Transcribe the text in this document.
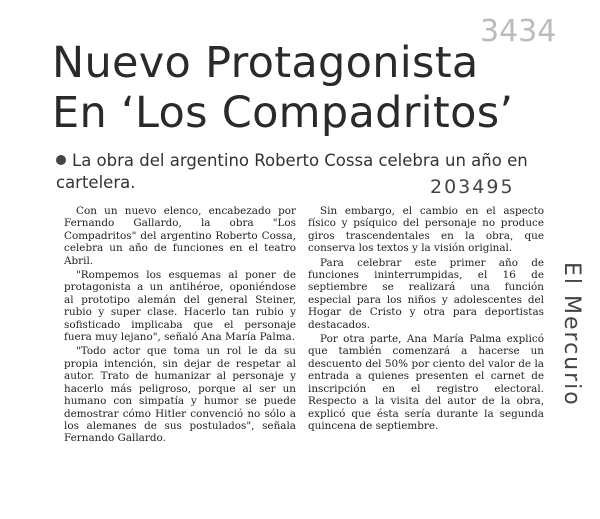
3434
Nuevo Protagonista
En ‘Los Compadritos’
La obra del argentino Roberto Cossa celebra un año en cartelera.	203495

Con un nuevo elenco, encabezado por Fernando Gallardo, la obra "Los Compadritos" del argentino Roberto Cossa, celebra un año de funciones en el teatro Abril.

"Rompemos los esquemas al poner de protagonista a un antihéroe, oponiéndose al prototipo alemán del general Steiner, rubio y super clase. Hacerlo tan rubio y sofisticado implicaba que el personaje fuera muy lejano", señaló Ana María Palma.

"Todo actor que toma un rol le da su propia intención, sin dejar de respetar al autor. Trato de humanizar al personaje y hacerlo más peligroso, porque al ser un humano con simpatía y humor se puede demostrar cómo Hitler convenció no sólo a los alemanes de sus postulados", señala Fernando Gallardo.

Sin embargo, el cambio en el aspecto físico y psíquico del personaje no produce giros trascendentales en la obra, que conserva los textos y la visión original.

Para celebrar este primer año de funciones ininterrumpidas, el 16 de septiembre se realizará una función especial para los niños y adolescentes del Hogar de Cristo y otra para deportistas destacados.

Por otra parte, Ana María Palma explicó que también comenzará a hacerse un descuento del 50% por ciento del valor de la entrada a quienes presenten el carnet de inscripción en el registro electoral. Respecto a la visita del autor de la obra, explicó que ésta sería durante la segunda quincena de septiembre.

El Mercurio
